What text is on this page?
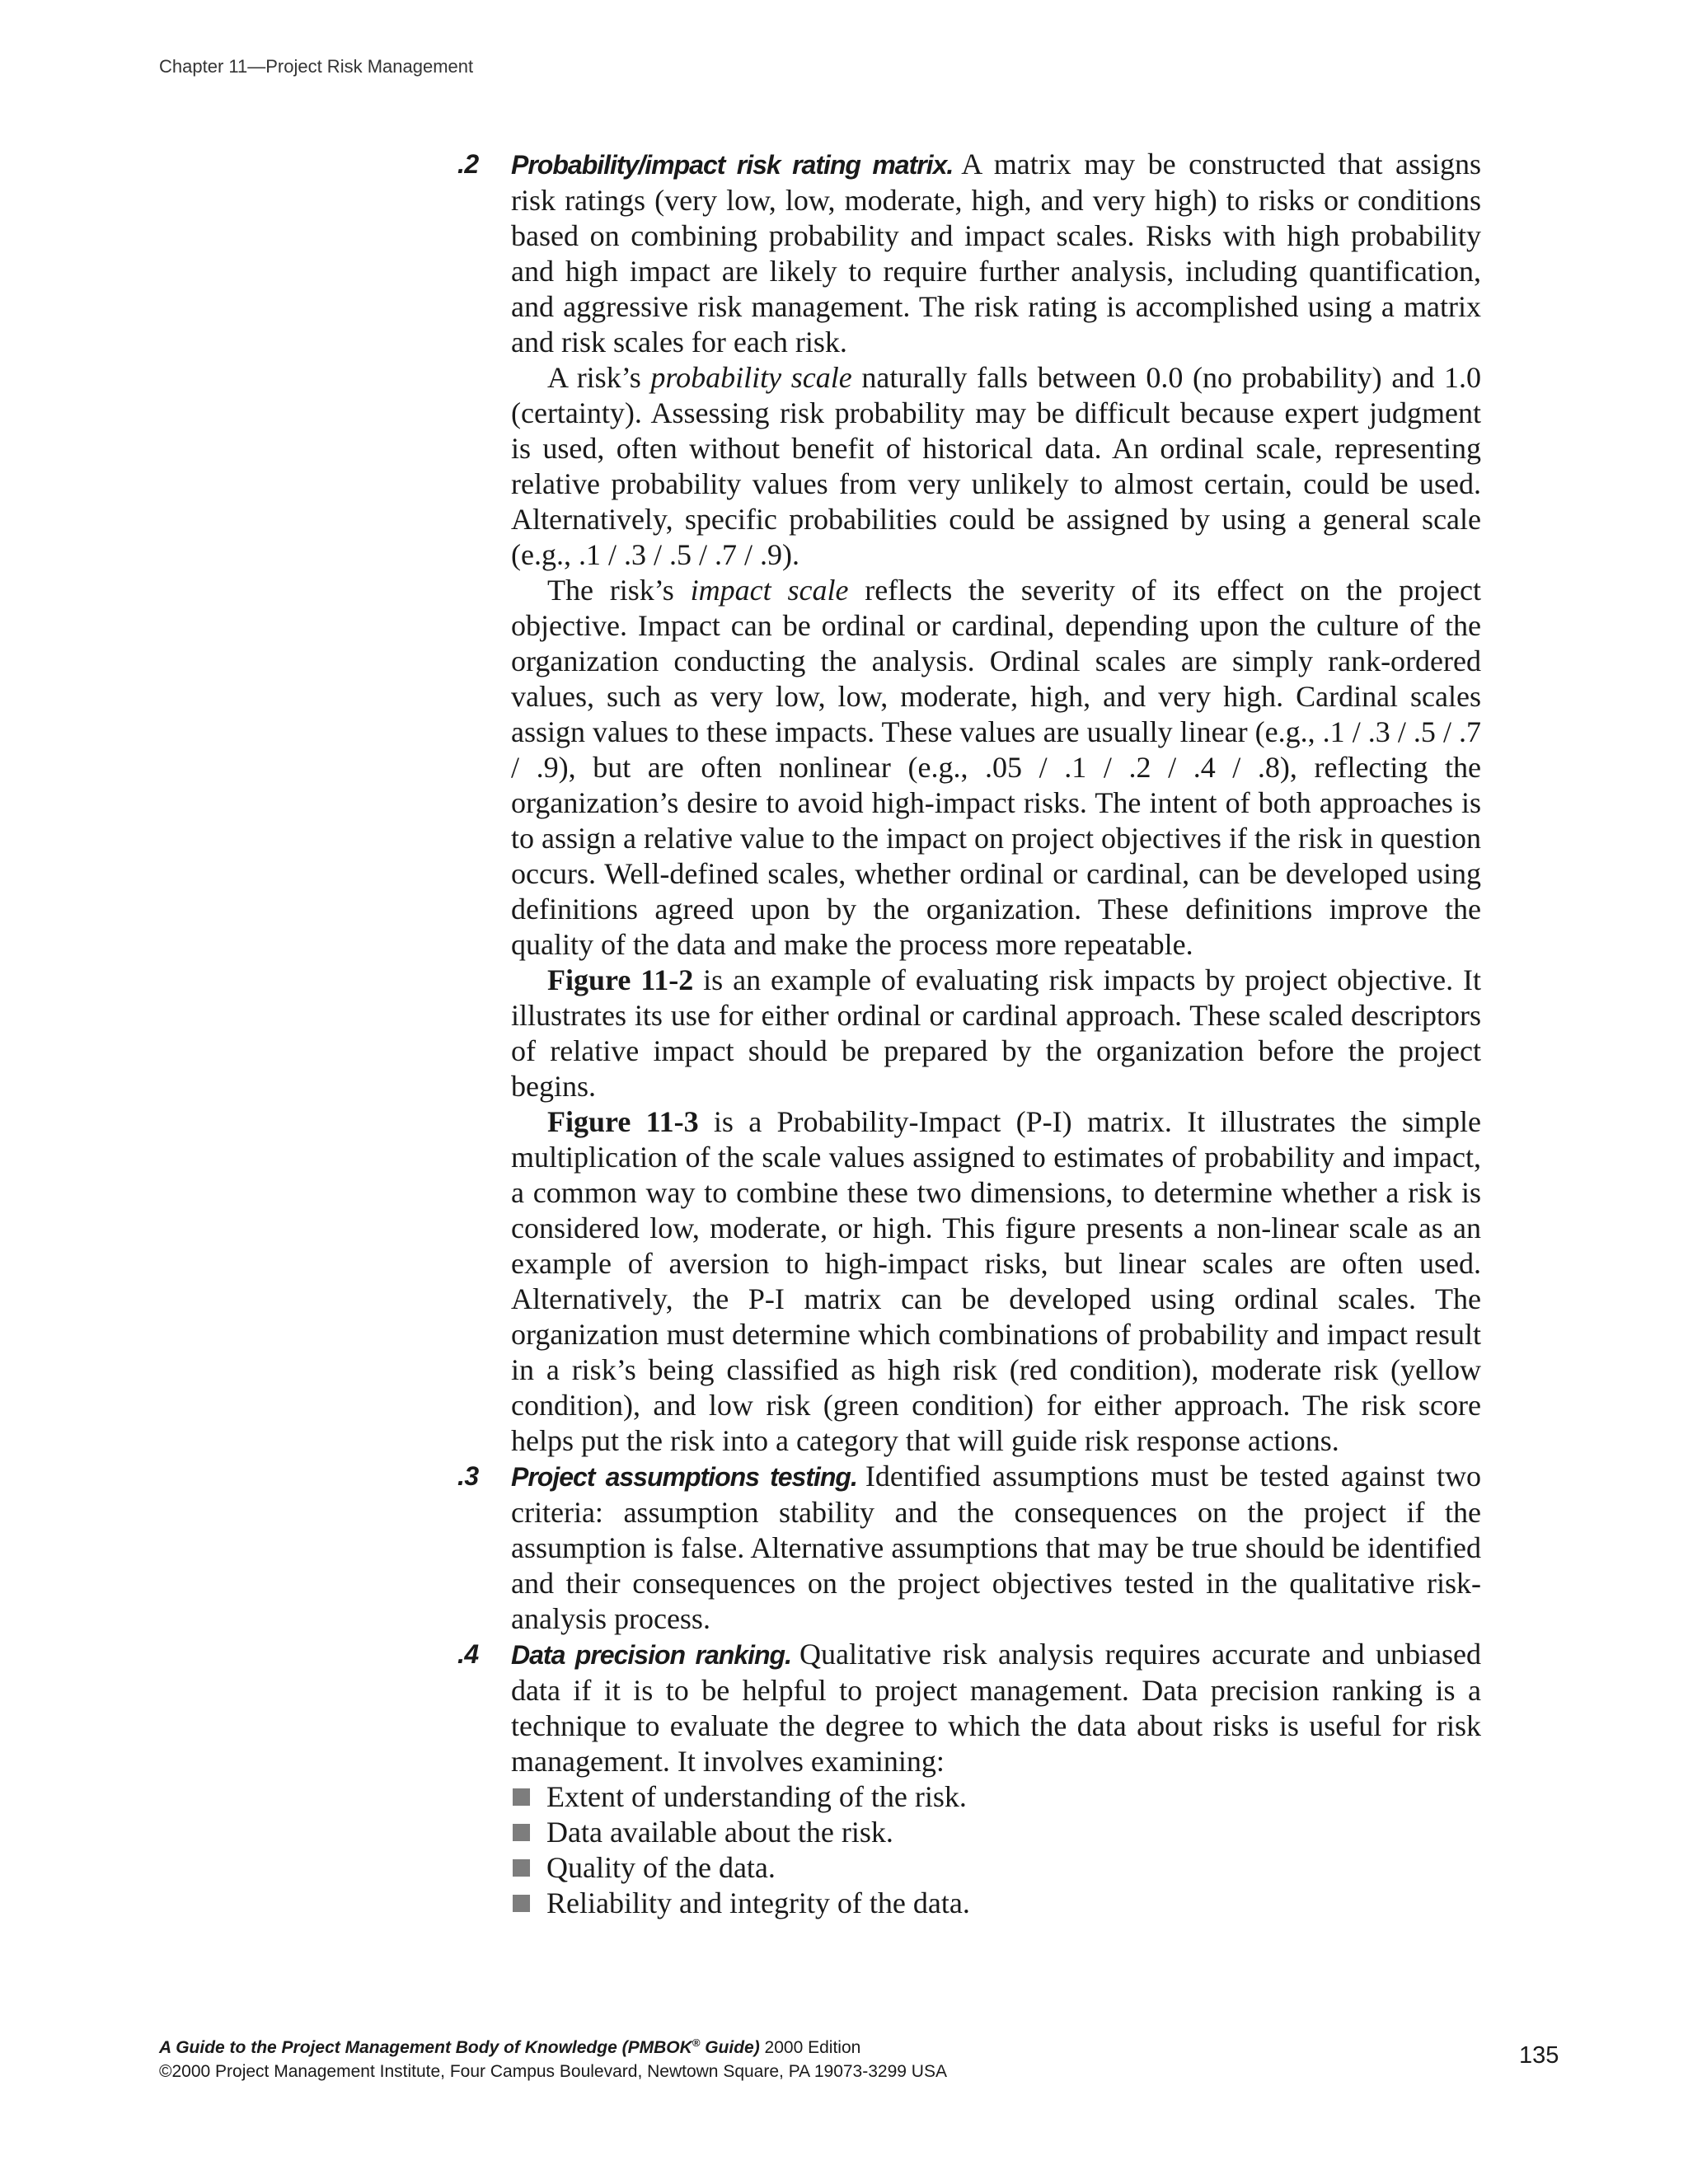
Chapter 11—Project Risk Management
.2	Probability/impact risk rating matrix. A matrix may be constructed that assigns risk ratings (very low, low, moderate, high, and very high) to risks or conditions based on combining probability and impact scales. Risks with high probability and high impact are likely to require further analysis, including quantification, and aggressive risk management. The risk rating is accomplished using a matrix and risk scales for each risk.

A risk’s probability scale naturally falls between 0.0 (no probability) and 1.0 (certainty). Assessing risk probability may be difficult because expert judgment is used, often without benefit of historical data. An ordinal scale, representing relative probability values from very unlikely to almost certain, could be used. Alternatively, specific probabilities could be assigned by using a general scale (e.g., .1 / .3 / .5 / .7 / .9).

The risk’s impact scale reflects the severity of its effect on the project objective. Impact can be ordinal or cardinal, depending upon the culture of the organization conducting the analysis. Ordinal scales are simply rank-ordered values, such as very low, low, moderate, high, and very high. Cardinal scales assign values to these impacts. These values are usually linear (e.g., .1 / .3 / .5 / .7 / .9), but are often nonlinear (e.g., .05 / .1 / .2 / .4 / .8), reflecting the organization’s desire to avoid high-impact risks. The intent of both approaches is to assign a relative value to the impact on project objectives if the risk in question occurs. Well-defined scales, whether ordinal or cardinal, can be developed using definitions agreed upon by the organization. These definitions improve the quality of the data and make the process more repeatable.

Figure 11-2 is an example of evaluating risk impacts by project objective. It illustrates its use for either ordinal or cardinal approach. These scaled descriptors of relative impact should be prepared by the organization before the project begins.

Figure 11-3 is a Probability-Impact (P-I) matrix. It illustrates the simple multiplication of the scale values assigned to estimates of probability and impact, a common way to combine these two dimensions, to determine whether a risk is considered low, moderate, or high. This figure presents a non-linear scale as an example of aversion to high-impact risks, but linear scales are often used. Alternatively, the P-I matrix can be developed using ordinal scales. The organization must determine which combinations of probability and impact result in a risk’s being classified as high risk (red condition), moderate risk (yellow condition), and low risk (green condition) for either approach. The risk score helps put the risk into a category that will guide risk response actions.

.3	Project assumptions testing. Identified assumptions must be tested against two criteria: assumption stability and the consequences on the project if the assumption is false. Alternative assumptions that may be true should be identified and their consequences on the project objectives tested in the qualitative risk-analysis process.

.4	Data precision ranking. Qualitative risk analysis requires accurate and unbiased data if it is to be helpful to project management. Data precision ranking is a technique to evaluate the degree to which the data about risks is useful for risk management. It involves examining:

Extent of understanding of the risk.
Data available about the risk.
Quality of the data.
Reliability and integrity of the data.
A Guide to the Project Management Body of Knowledge (PMBOK® Guide) 2000 Edition
©2000 Project Management Institute, Four Campus Boulevard, Newtown Square, PA 19073-3299 USA
135
